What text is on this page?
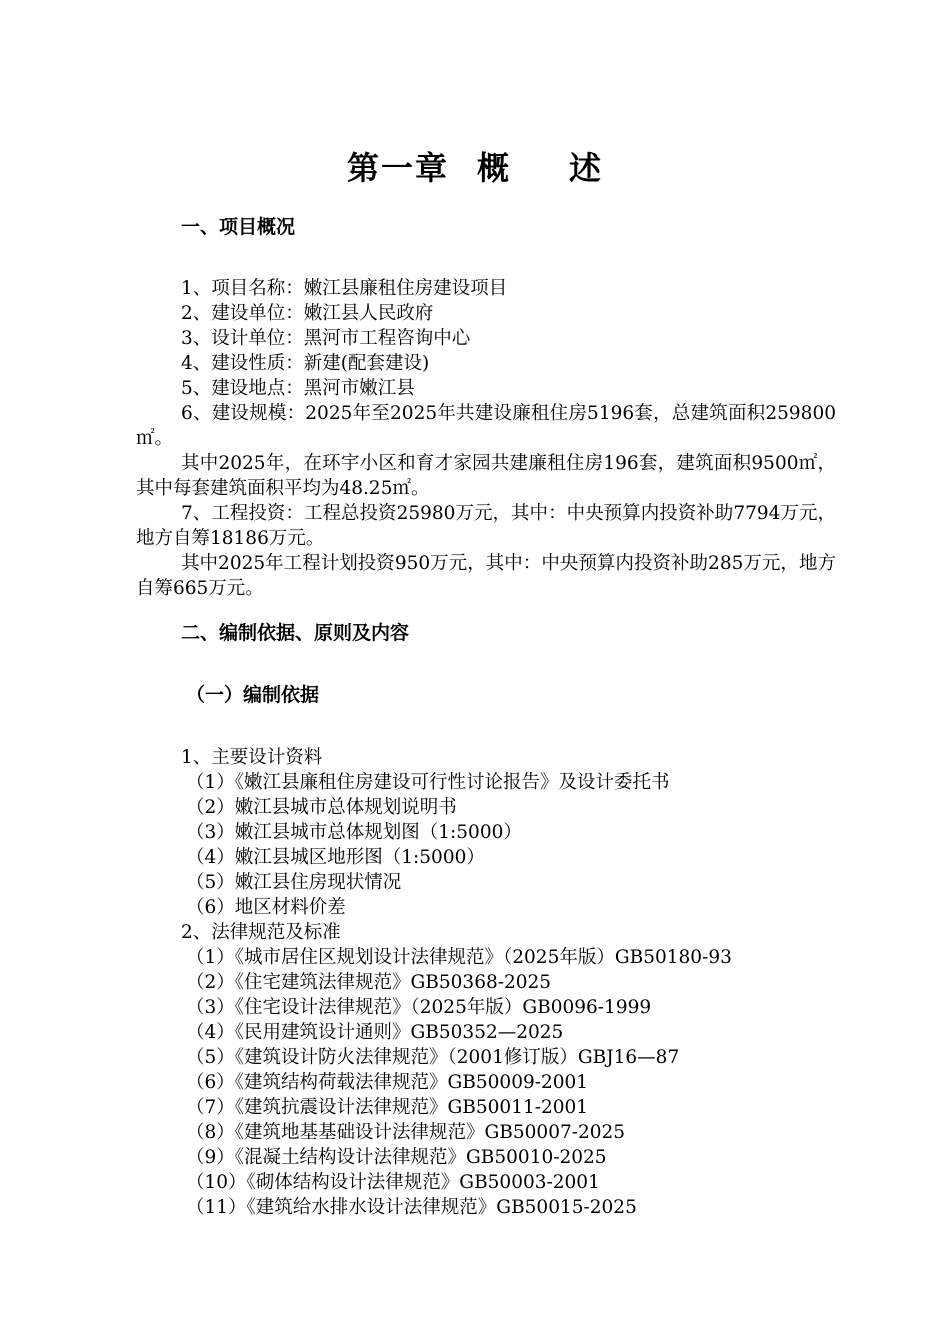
第一章 概 述
一、项目概况
1、项目名称：嫩江县廉租住房建设项目
2、建设单位：嫩江县人民政府
3、设计单位：黑河市工程咨询中心
4、建设性质：新建(配套建设)
5、建设地点：黑河市嫩江县
6、建设规模：2025年至2025年共建设廉租住房5196套，总建筑面积259800㎡。
其中2025年，在环宇小区和育才家园共建廉租住房196套，建筑面积9500㎡，其中每套建筑面积平均为48.25㎡。
7、工程投资：工程总投资25980万元，其中：中央预算内投资补助7794万元，地方自筹18186万元。
其中2025年工程计划投资950万元，其中：中央预算内投资补助285万元，地方自筹665万元。
二、编制依据、原则及内容
（一）编制依据
1、主要设计资料
（1）《嫩江县廉租住房建设可行性讨论报告》及设计委托书
（2）嫩江县城市总体规划说明书
（3）嫩江县城市总体规划图（1:5000）
（4）嫩江县城区地形图（1:5000）
（5）嫩江县住房现状情况
（6）地区材料价差
2、法律规范及标准
（1）《城市居住区规划设计法律规范》（2025年版）GB50180-93
（2）《住宅建筑法律规范》GB50368-2025
（3）《住宅设计法律规范》（2025年版）GB0096-1999
（4）《民用建筑设计通则》GB50352—2025
（5）《建筑设计防火法律规范》（2001修订版）GBJ16—87
（6）《建筑结构荷载法律规范》GB50009-2001
（7）《建筑抗震设计法律规范》GB50011-2001
（8）《建筑地基基础设计法律规范》GB50007-2025
（9）《混凝土结构设计法律规范》GB50010-2025
（10）《砌体结构设计法律规范》GB50003-2001
（11）《建筑给水排水设计法律规范》GB50015-2025
